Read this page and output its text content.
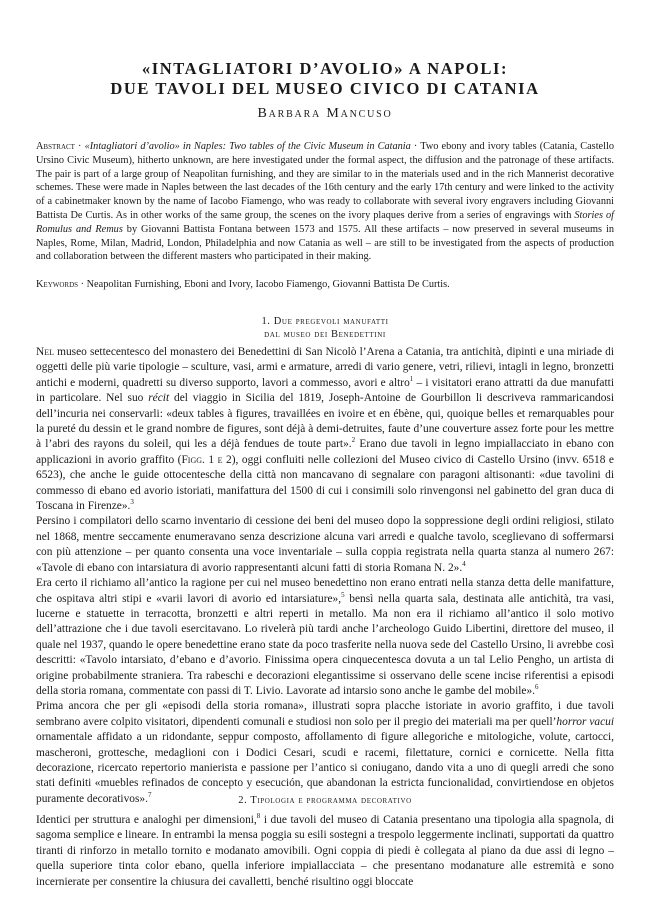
«INTAGLIATORI D’AVOLIO» A NAPOLI:
DUE TAVOLI DEL MUSEO CIVICO DI CATANIA
Barbara Mancuso

Abstract · «Intagliatori d’avolio» in Naples: Two tables of the Civic Museum in Catania · Two ebony and ivory tables (Catania, Castello Ursino Civic Museum), hitherto unknown, are here investigated under the formal aspect, the diffusion and the patronage of these artifacts. The pair is part of a large group of Neapolitan furnishing, and they are similar to in the materials used and in the rich Mannerist decorative schemes. These were made in Naples between the last decades of the 16th century and the early 17th century and were linked to the activity of a cabinetmaker known by the name of Iacobo Fiamengo, who was ready to collaborate with several ivory engravers including Giovanni Battista De Curtis. As in other works of the same group, the scenes on the ivory plaques derive from a series of engravings with Stories of Romulus and Remus by Giovanni Battista Fontana between 1573 and 1575. All these artifacts – now preserved in several museums in Naples, Rome, Milan, Madrid, London, Philadelphia and now Catania as well – are still to be investigated from the aspects of production and collaboration between the different masters who participated in their making.

Keywords · Neapolitan Furnishing, Eboni and Ivory, Iacobo Fiamengo, Giovanni Battista De Curtis.

1. Due pregevoli manufatti
dal museo dei Benedettini

Nel museo settecentesco del monastero dei Benedettini di San Nicolò l’Arena a Catania, tra antichità, dipinti e una miriade di oggetti delle più varie tipologie – sculture, vasi, armi e armature, arredi di vario genere, vetri, rilievi, intagli in legno, bronzetti antichi e moderni, quadretti su diverso supporto, lavori a commesso, avori e altro$^1$ – i visitatori erano attratti da due manufatti in particolare. Nel suo récit del viaggio in Sicilia del 1819, Joseph-Antoine de Gourbillon li descriveva rammaricandosi dell’incuria nei conservarli: «deux tables à figures, travaillées en ivoire et en ébène, qui, quoique belles et remarquables pour la pureté du dessin et le grand nombre de figures, sont déjà à demi-detruites, faute d’une couverture assez forte pour les mettre à l’abri des rayons du soleil, qui les a déjà fendues de toute part».$^2$ Erano due tavoli in legno impiallacciato in ebano con applicazioni in avorio graffito (Figg. 1 e 2), oggi confluiti nelle collezioni del Museo civico di Castello Ursino (invv. 6518 e 6523), che anche le guide ottocentesche della città non mancavano di segnalare con paragoni altisonanti: «due tavolini di commesso di ebano ed avorio istoriati, manifattura del 1500 di cui i consimili solo rinvengonsi nel gabinetto del gran duca di Toscana in Firenze».$^3$

Persino i compilatori dello scarno inventario di cessione dei beni del museo dopo la soppressione degli ordini religiosi, stilato nel 1868, mentre seccamente enumeravano senza descrizione alcuna vari arredi e qualche tavolo, sceglievano di soffermarsi con più attenzione – per quanto consenta una voce inventariale – sulla coppia registrata nella quarta stanza al numero 267: «Tavole di ebano con intarsiatura di avorio rappresentanti alcuni fatti di storia Romana N. 2».$^4$

Era certo il richiamo all’antico la ragione per cui nel museo benedettino non erano entrati nella stanza detta delle manifatture, che ospitava altri stipi e «varii lavori di avorio ed intarsiature»,$^5$ bensì nella quarta sala, destinata alle antichità, tra vasi, lucerne e statuette in terracotta, bronzetti e altri reperti in metallo. Ma non era il richiamo all’antico il solo motivo dell’attrazione che i due tavoli esercitavano. Lo rivelerà più tardi anche l’archeologo Guido Libertini, direttore del museo, il quale nel 1937, quando le opere benedettine erano state da poco trasferite nella nuova sede del Castello Ursino, li avrebbe così descritti: «Tavolo intarsiato, d’ebano e d’avorio. Finissima opera cinquecentesca dovuta a un tal Lelio Pengho, un artista di origine probabilmente straniera. Tra rabeschi e decorazioni elegantissime si osservano delle scene incise riferentisi a episodi della storia romana, commentate con passi di T. Livio. Lavorate ad intarsio sono anche le gambe del mobile».$^6$

Prima ancora che per gli «episodi della storia romana», illustrati sopra placche istoriate in avorio graffito, i due tavoli sembrano avere colpito visitatori, dipendenti comunali e studiosi non solo per il pregio dei materiali ma per quell’horror vacui ornamentale affidato a un ridondante, seppur composto, affollamento di figure allegoriche e mitologiche, volute, cartocci, mascheroni, grottesche, medaglioni con i Dodici Cesari, scudi e racemi, filettature, cornici e cornicette. Nella fitta decorazione, ricercato repertorio manierista e passione per l’antico si coniugano, dando vita a uno di quegli arredi che sono stati definiti «muebles refinados de concepto y esecución, que abandonan la estricta funcionalidad, convirtiendose en objetos puramente decorativos».$^7$

2. Tipologia e programma decorativo

Identici per struttura e analoghi per dimensioni,$^8$ i due tavoli del museo di Catania presentano una tipologia alla spagnola, di sagoma semplice e lineare. In entrambi la mensa poggia su esili sostegni a trespolo leggermente inclinati, supportati da quattro tiranti di rinforzo in metallo tornito e modanato amovibili. Ogni coppia di piedi è collegata al piano da due assi di legno – quella superiore tinta color ebano, quella inferiore impiallacciata – che presentano modanature alle estremità e sono incernierate per consentire la chiusura dei cavalletti, benché risultino oggi bloccate
